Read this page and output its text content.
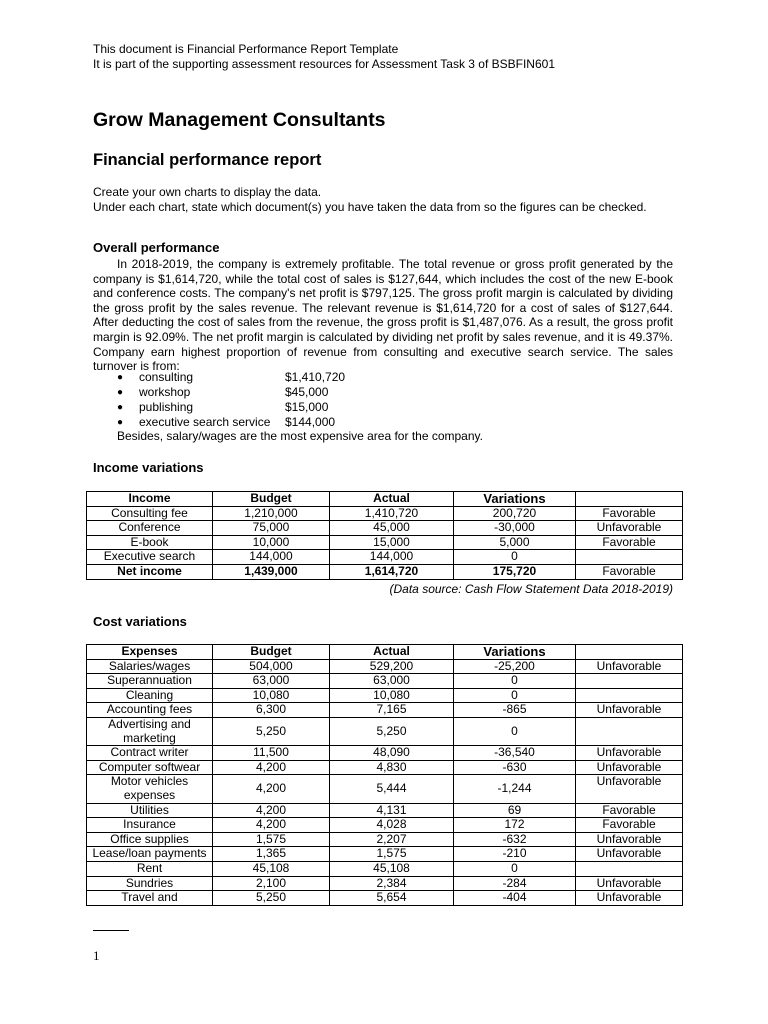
This document is Financial Performance Report Template
It is part of the supporting assessment resources for Assessment Task 3 of BSBFIN601
Grow Management Consultants
Financial performance report
Create your own charts to display the data.
Under each chart, state which document(s) you have taken the data from so the figures can be checked.
Overall performance

In 2018-2019, the company is extremely profitable. The total revenue or gross profit generated by the company is $1,614,720, while the total cost of sales is $127,644, which includes the cost of the new E-book and conference costs. The company's net profit is $797,125. The gross profit margin is calculated by dividing the gross profit by the sales revenue. The relevant revenue is $1,614,720 for a cost of sales of $127,644. After deducting the cost of sales from the revenue, the gross profit is $1,487,076. As a result, the gross profit margin is 92.09%. The net profit margin is calculated by dividing net profit by sales revenue, and it is 49.37%. Company earn highest proportion of revenue from consulting and executive search service. The sales turnover is from:

●	consulting	$1,410,720
●	workshop	$45,000
●	publishing	$15,000
●	executive search service	$144,000
Besides, salary/wages are the most expensive area for the company.
Income variations
Income	Budget	Actual	Variations	
Consulting fee	1,210,000	1,410,720	200,720	Favorable
Conference	75,000	45,000	-30,000	Unfavorable
E-book	10,000	15,000	5,000	Favorable
Executive search	144,000	144,000	0	
Net income	1,439,000	1,614,720	175,720	Favorable
(Data source: Cash Flow Statement Data 2018-2019)
Cost variations
Expenses	Budget	Actual	Variations	
Salaries/wages	504,000	529,200	-25,200	Unfavorable
Superannuation	63,000	63,000	0	
Cleaning	10,080	10,080	0	
Accounting fees	6,300	7,165	-865	Unfavorable
Advertising and marketing	5,250	5,250	0	
Contract writer	11,500	48,090	-36,540	Unfavorable
Computer softwear	4,200	4,830	-630	Unfavorable
Motor vehicles expenses	4,200	5,444	-1,244	Unfavorable
Utilities	4,200	4,131	69	Favorable
Insurance	4,200	4,028	172	Favorable
Office supplies	1,575	2,207	-632	Unfavorable
Lease/loan payments	1,365	1,575	-210	Unfavorable
Rent	45,108	45,108	0	
Sundries	2,100	2,384	-284	Unfavorable
Travel and	5,250	5,654	-404	Unfavorable
1
